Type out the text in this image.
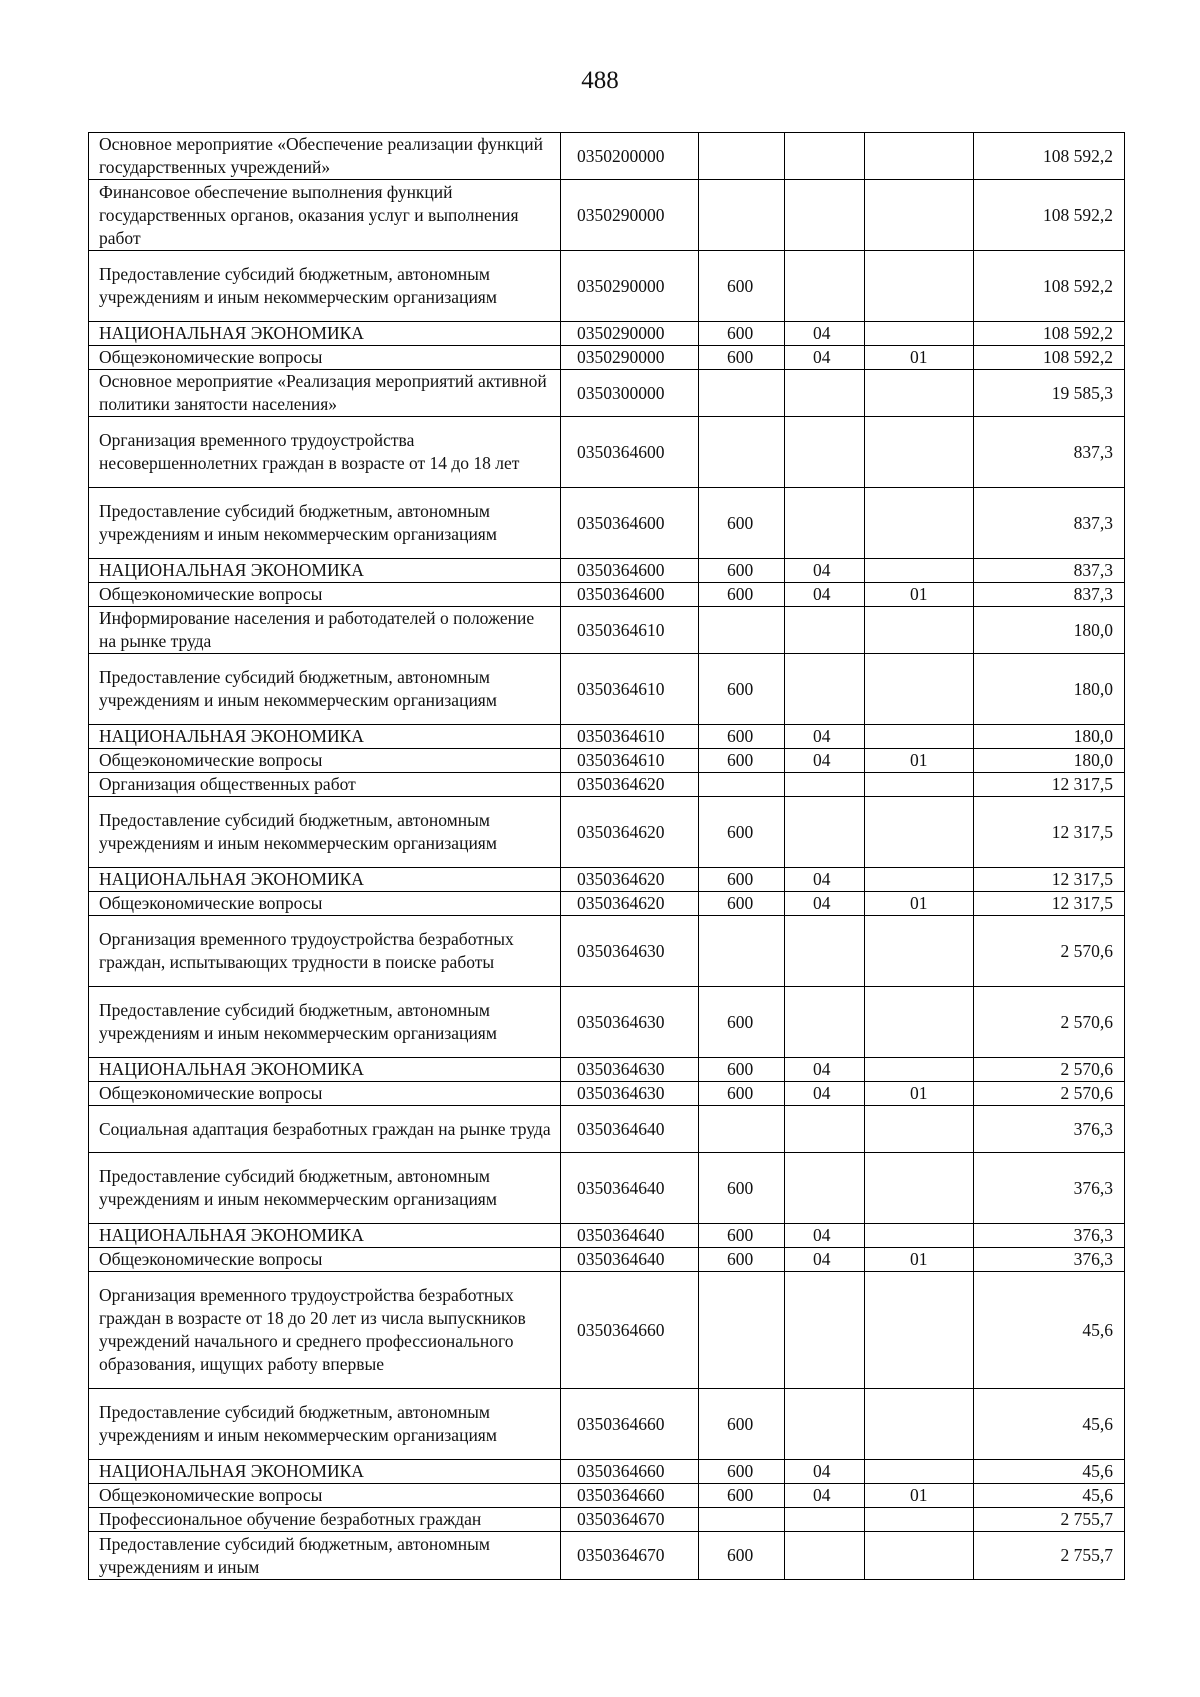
488
Основное мероприятие «Обеспечение реализации функций государственных учреждений»	0350200000				108 592,2
Финансовое обеспечение выполнения функций государственных органов, оказания услуг и выполнения работ	0350290000				108 592,2
Предоставление субсидий бюджетным, автономным учреждениям и иным некоммерческим организациям	0350290000	600			108 592,2
НАЦИОНАЛЬНАЯ ЭКОНОМИКА	0350290000	600	04		108 592,2
Общеэкономические вопросы	0350290000	600	04	01	108 592,2
Основное мероприятие «Реализация мероприятий активной политики занятости населения»	0350300000				19 585,3
Организация временного трудоустройства несовершеннолетних граждан в возрасте от 14 до 18 лет	0350364600				837,3
Предоставление субсидий бюджетным, автономным учреждениям и иным некоммерческим организациям	0350364600	600			837,3
НАЦИОНАЛЬНАЯ ЭКОНОМИКА	0350364600	600	04		837,3
Общеэкономические вопросы	0350364600	600	04	01	837,3
Информирование населения и работодателей о положение на рынке труда	0350364610				180,0
Предоставление субсидий бюджетным, автономным учреждениям и иным некоммерческим организациям	0350364610	600			180,0
НАЦИОНАЛЬНАЯ ЭКОНОМИКА	0350364610	600	04		180,0
Общеэкономические вопросы	0350364610	600	04	01	180,0
Организация общественных работ	0350364620				12 317,5
Предоставление субсидий бюджетным, автономным учреждениям и иным некоммерческим организациям	0350364620	600			12 317,5
НАЦИОНАЛЬНАЯ ЭКОНОМИКА	0350364620	600	04		12 317,5
Общеэкономические вопросы	0350364620	600	04	01	12 317,5
Организация временного трудоустройства безработных граждан, испытывающих трудности в поиске работы	0350364630				2 570,6
Предоставление субсидий бюджетным, автономным учреждениям и иным некоммерческим организациям	0350364630	600			2 570,6
НАЦИОНАЛЬНАЯ ЭКОНОМИКА	0350364630	600	04		2 570,6
Общеэкономические вопросы	0350364630	600	04	01	2 570,6
Социальная адаптация безработных граждан на рынке труда	0350364640				376,3
Предоставление субсидий бюджетным, автономным учреждениям и иным некоммерческим организациям	0350364640	600			376,3
НАЦИОНАЛЬНАЯ ЭКОНОМИКА	0350364640	600	04		376,3
Общеэкономические вопросы	0350364640	600	04	01	376,3
Организация временного трудоустройства безработных граждан в возрасте от 18 до 20 лет из числа выпускников учреждений начального и среднего профессионального образования, ищущих работу впервые	0350364660				45,6
Предоставление субсидий бюджетным, автономным учреждениям и иным некоммерческим организациям	0350364660	600			45,6
НАЦИОНАЛЬНАЯ ЭКОНОМИКА	0350364660	600	04		45,6
Общеэкономические вопросы	0350364660	600	04	01	45,6
Профессиональное обучение безработных граждан	0350364670				2 755,7
Предоставление субсидий бюджетным, автономным учреждениям и иным	0350364670	600			2 755,7
